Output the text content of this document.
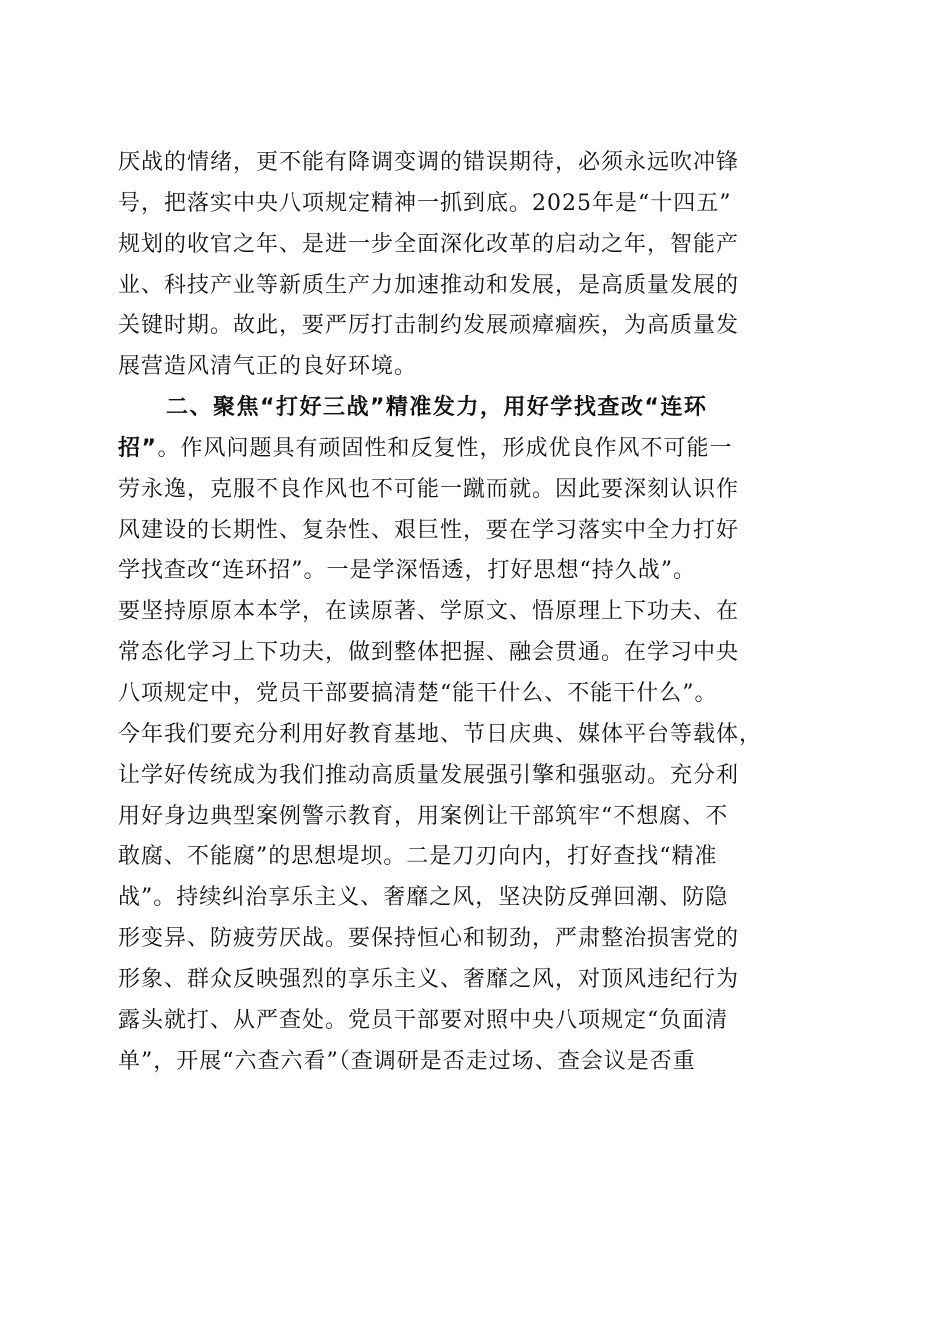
厌战的情绪，更不能有降调变调的错误期待，必须永远吹冲锋
号，把落实中央八项规定精神一抓到底。2025年是“十四五”
规划的收官之年、是进一步全面深化改革的启动之年，智能产
业、科技产业等新质生产力加速推动和发展，是高质量发展的
关键时期。故此，要严厉打击制约发展顽瘴痼疾，为高质量发
展营造风清气正的良好环境。
二、聚焦“打好三战”精准发力，用好学找查改“连环
招”。作风问题具有顽固性和反复性，形成优良作风不可能一
劳永逸，克服不良作风也不可能一蹴而就。因此要深刻认识作
风建设的长期性、复杂性、艰巨性，要在学习落实中全力打好
学找查改“连环招”。一是学深悟透，打好思想“持久战”。
要坚持原原本本学，在读原著、学原文、悟原理上下功夫、在
常态化学习上下功夫，做到整体把握、融会贯通。在学习中央
八项规定中，党员干部要搞清楚“能干什么、不能干什么”。
今年我们要充分利用好教育基地、节日庆典、媒体平台等载体，
让学好传统成为我们推动高质量发展强引擎和强驱动。充分利
用好身边典型案例警示教育，用案例让干部筑牢“不想腐、不
敢腐、不能腐”的思想堤坝。二是刀刃向内，打好查找“精准
战”。持续纠治享乐主义、奢靡之风，坚决防反弹回潮、防隐
形变异、防疲劳厌战。要保持恒心和韧劲，严肃整治损害党的
形象、群众反映强烈的享乐主义、奢靡之风，对顶风违纪行为
露头就打、从严查处。党员干部要对照中央八项规定“负面清
单”，开展“六查六看”（查调研是否走过场、查会议是否重
